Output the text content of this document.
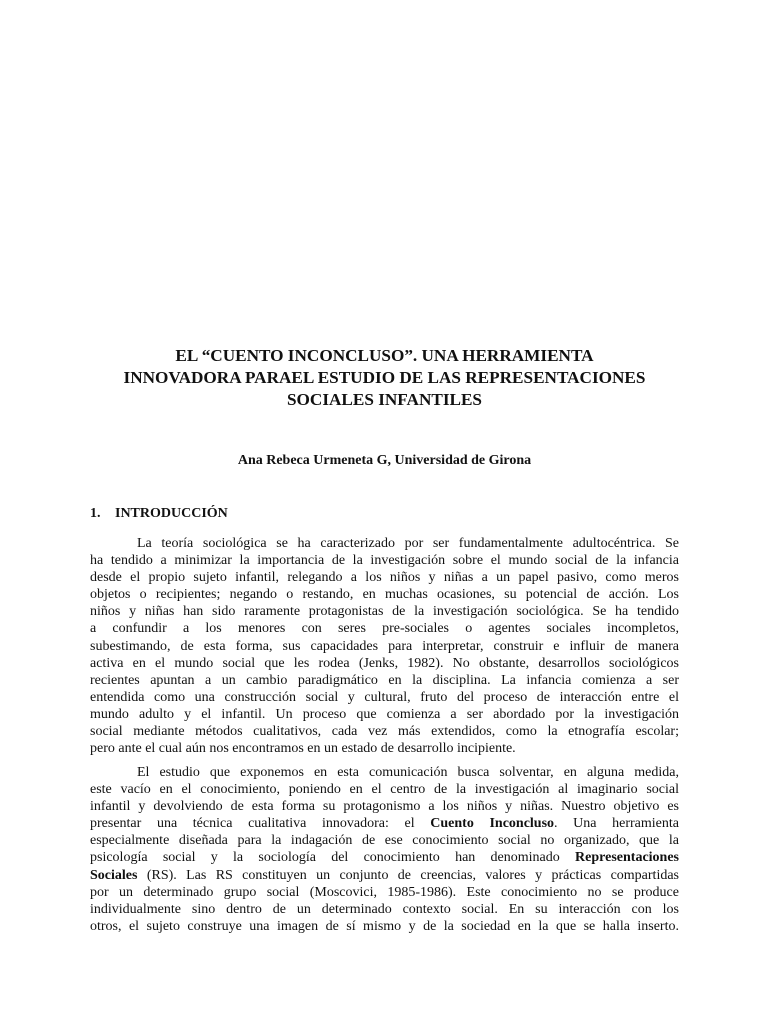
EL “CUENTO INCONCLUSO”. UNA HERRAMIENTA
INNOVADORA PARAEL ESTUDIO DE LAS REPRESENTACIONES
SOCIALES INFANTILES

Ana Rebeca Urmeneta G, Universidad de Girona

1. INTRODUCCIÓN
La teoría sociológica se ha caracterizado por ser fundamentalmente adultocéntrica. Se
ha tendido a minimizar la importancia de la investigación sobre el mundo social de la infancia
desde el propio sujeto infantil, relegando a los niños y niñas a un papel pasivo, como meros
objetos o recipientes; negando o restando, en muchas ocasiones, su potencial de acción. Los
niños y niñas han sido raramente protagonistas de la investigación sociológica. Se ha tendido
a confundir a los menores con seres pre-sociales o agentes sociales incompletos,
subestimando, de esta forma, sus capacidades para interpretar, construir e influir de manera
activa en el mundo social que les rodea (Jenks, 1982). No obstante, desarrollos sociológicos
recientes apuntan a un cambio paradigmático en la disciplina. La infancia comienza a ser
entendida como una construcción social y cultural, fruto del proceso de interacción entre el
mundo adulto y el infantil. Un proceso que comienza a ser abordado por la investigación
social mediante métodos cualitativos, cada vez más extendidos, como la etnografía escolar;
pero ante el cual aún nos encontramos en un estado de desarrollo incipiente.
El estudio que exponemos en esta comunicación busca solventar, en alguna medida,
este vacío en el conocimiento, poniendo en el centro de la investigación al imaginario social
infantil y devolviendo de esta forma su protagonismo a los niños y niñas. Nuestro objetivo es
presentar una técnica cualitativa innovadora: el Cuento Inconcluso. Una herramienta
especialmente diseñada para la indagación de ese conocimiento social no organizado, que la
psicología social y la sociología del conocimiento han denominado Representaciones
Sociales (RS). Las RS constituyen un conjunto de creencias, valores y prácticas compartidas
por un determinado grupo social (Moscovici, 1985-1986). Este conocimiento no se produce
individualmente sino dentro de un determinado contexto social. En su interacción con los
otros, el sujeto construye una imagen de sí mismo y de la sociedad en la que se halla inserto.
